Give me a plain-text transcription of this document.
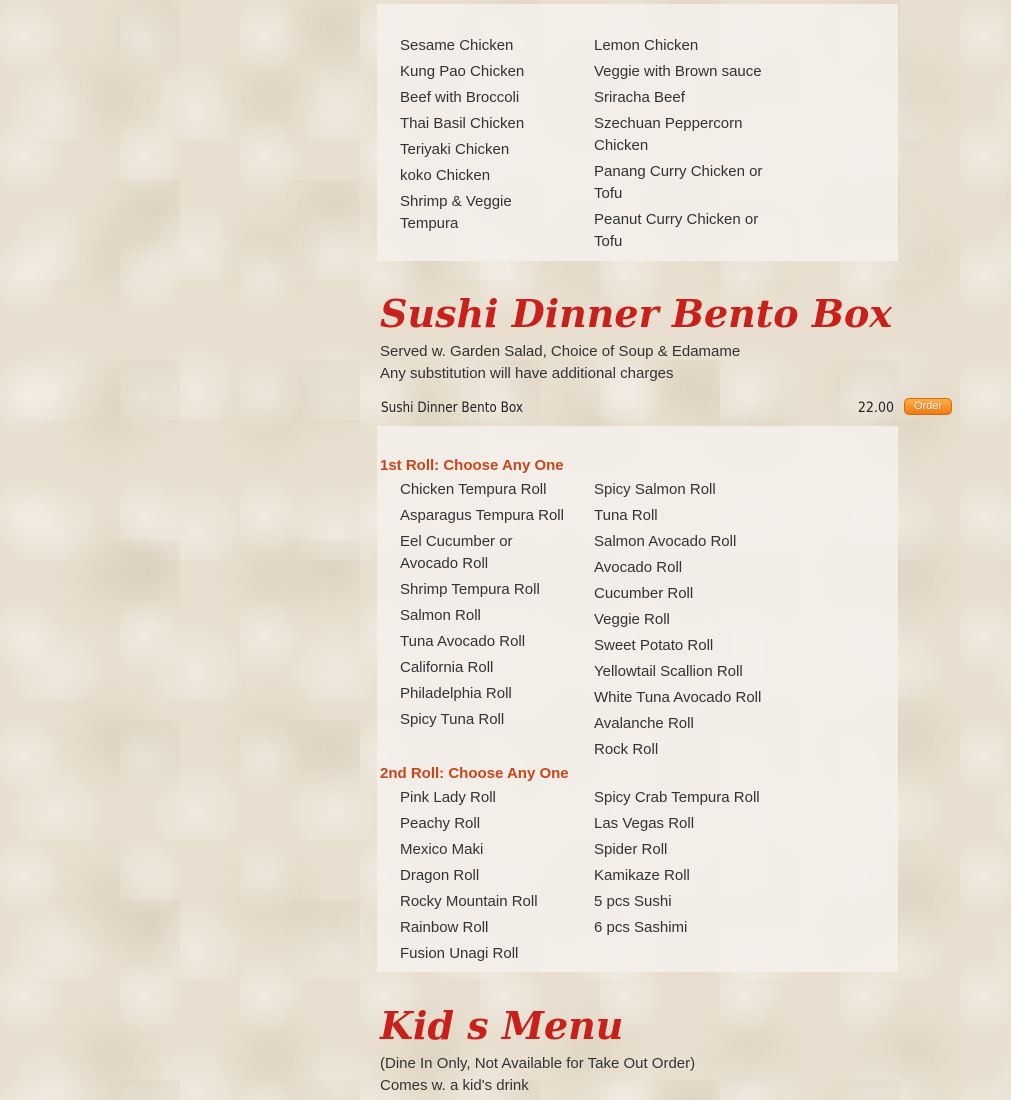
Sesame Chicken
Kung Pao Chicken
Beef with Broccoli
Thai Basil Chicken
Teriyaki Chicken
koko Chicken
Shrimp & Veggie Tempura
Lemon Chicken
Veggie with Brown sauce
Sriracha Beef
Szechuan Peppercorn Chicken
Panang Curry Chicken or Tofu
Peanut Curry Chicken or Tofu
Sushi Dinner Bento Box
Served w. Garden Salad, Choice of Soup & Edamame
Any substitution will have additional charges
Sushi Dinner Bento Box	22.00	Order
1st Roll: Choose Any One
Chicken Tempura Roll
Asparagus Tempura Roll
Eel Cucumber or Avocado Roll
Shrimp Tempura Roll
Salmon Roll
Tuna Avocado Roll
California Roll
Philadelphia Roll
Spicy Tuna Roll
Spicy Salmon Roll
Tuna Roll
Salmon Avocado Roll
Avocado Roll
Cucumber Roll
Veggie Roll
Sweet Potato Roll
Yellowtail Scallion Roll
White Tuna Avocado Roll
Avalanche Roll
Rock Roll
2nd Roll: Choose Any One
Pink Lady Roll
Peachy Roll
Mexico Maki
Dragon Roll
Rocky Mountain Roll
Rainbow Roll
Fusion Unagi Roll
Spicy Crab Tempura Roll
Las Vegas Roll
Spider Roll
Kamikaze Roll
5 pcs Sushi
6 pcs Sashimi
Kid s Menu
(Dine In Only, Not Available for Take Out Order)
Comes w. a kid's drink
